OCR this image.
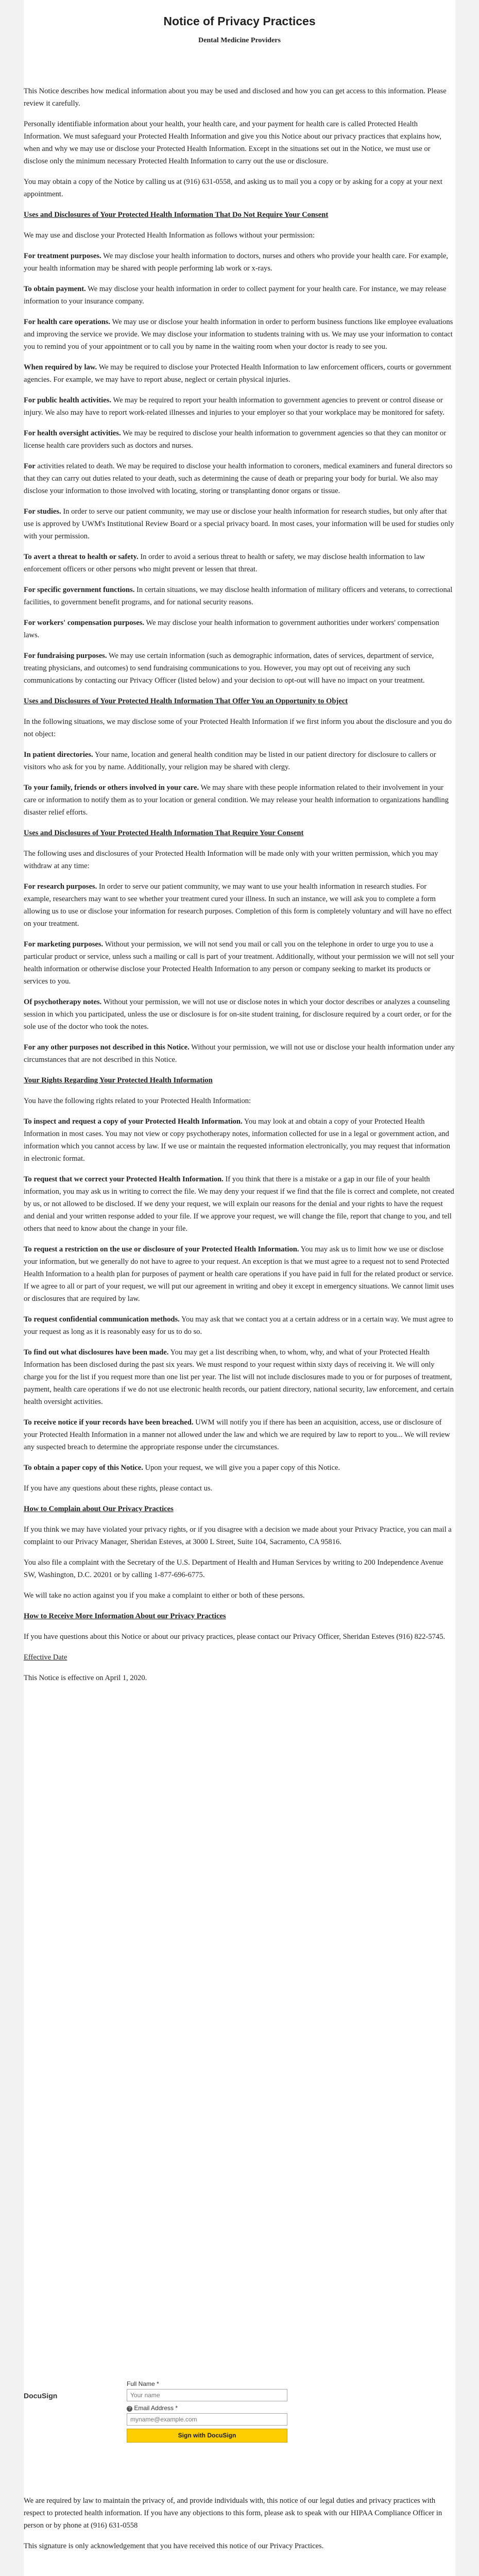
Notice of Privacy Practices
Dental Medicine Providers

This Notice describes how medical information about you may be used and disclosed and how you can get access to this information. Please review it carefully.

Personally identifiable information about your health, your health care, and your payment for health care is called Protected Health Information. We must safeguard your Protected Health Information and give you this Notice about our privacy practices that explains how, when and why we may use or disclose your Protected Health Information. Except in the situations set out in the Notice, we must use or disclose only the minimum necessary Protected Health Information to carry out the use or disclosure.

You may obtain a copy of the Notice by calling us at (916) 631-0558, and asking us to mail you a copy or by asking for a copy at your next appointment.

Uses and Disclosures of Your Protected Health Information That Do Not Require Your Consent

We may use and disclose your Protected Health Information as follows without your permission:

For treatment purposes. We may disclose your health information to doctors, nurses and others who provide your health care. For example, your health information may be shared with people performing lab work or x-rays.

To obtain payment. We may disclose your health information in order to collect payment for your health care. For instance, we may release information to your insurance company.

For health care operations. We may use or disclose your health information in order to perform business functions like employee evaluations and improving the service we provide. We may disclose your information to students training with us. We may use your information to contact you to remind you of your appointment or to call you by name in the waiting room when your doctor is ready to see you.

When required by law. We may be required to disclose your Protected Health Information to law enforcement officers, courts or government agencies. For example, we may have to report abuse, neglect or certain physical injuries.

For public health activities. We may be required to report your health information to government agencies to prevent or control disease or injury. We also may have to report work-related illnesses and injuries to your employer so that your workplace may be monitored for safety.

For health oversight activities. We may be required to disclose your health information to government agencies so that they can monitor or license health care providers such as doctors and nurses.

For activities related to death. We may be required to disclose your health information to coroners, medical examiners and funeral directors so that they can carry out duties related to your death, such as determining the cause of death or preparing your body for burial. We also may disclose your information to those involved with locating, storing or transplanting donor organs or tissue.

For studies. In order to serve our patient community, we may use or disclose your health information for research studies, but only after that use is approved by UWM's Institutional Review Board or a special privacy board. In most cases, your information will be used for studies only with your permission.

To avert a threat to health or safety. In order to avoid a serious threat to health or safety, we may disclose health information to law enforcement officers or other persons who might prevent or lessen that threat.

For specific government functions. In certain situations, we may disclose health information of military officers and veterans, to correctional facilities, to government benefit programs, and for national security reasons.

For workers' compensation purposes. We may disclose your health information to government authorities under workers' compensation laws.

For fundraising purposes. We may use certain information (such as demographic information, dates of services, department of service, treating physicians, and outcomes) to send fundraising communications to you. However, you may opt out of receiving any such communications by contacting our Privacy Officer (listed below) and your decision to opt-out will have no impact on your treatment.

Uses and Disclosures of Your Protected Health Information That Offer You an Opportunity to Object

In the following situations, we may disclose some of your Protected Health Information if we first inform you about the disclosure and you do not object:

In patient directories. Your name, location and general health condition may be listed in our patient directory for disclosure to callers or visitors who ask for you by name. Additionally, your religion may be shared with clergy.

To your family, friends or others involved in your care. We may share with these people information related to their involvement in your care or information to notify them as to your location or general condition. We may release your health information to organizations handling disaster relief efforts.

Uses and Disclosures of Your Protected Health Information That Require Your Consent

The following uses and disclosures of your Protected Health Information will be made only with your written permission, which you may withdraw at any time:

For research purposes. In order to serve our patient community, we may want to use your health information in research studies. For example, researchers may want to see whether your treatment cured your illness. In such an instance, we will ask you to complete a form allowing us to use or disclose your information for research purposes. Completion of this form is completely voluntary and will have no effect on your treatment.

For marketing purposes. Without your permission, we will not send you mail or call you on the telephone in order to urge you to use a particular product or service, unless such a mailing or call is part of your treatment. Additionally, without your permission we will not sell your health information or otherwise disclose your Protected Health Information to any person or company seeking to market its products or services to you.

Of psychotherapy notes. Without your permission, we will not use or disclose notes in which your doctor describes or analyzes a counseling session in which you participated, unless the use or disclosure is for on-site student training, for disclosure required by a court order, or for the sole use of the doctor who took the notes.

For any other purposes not described in this Notice. Without your permission, we will not use or disclose your health information under any circumstances that are not described in this Notice.

Your Rights Regarding Your Protected Health Information

You have the following rights related to your Protected Health Information:

To inspect and request a copy of your Protected Health Information. You may look at and obtain a copy of your Protected Health Information in most cases. You may not view or copy psychotherapy notes, information collected for use in a legal or government action, and information which you cannot access by law. If we use or maintain the requested information electronically, you may request that information in electronic format.

To request that we correct your Protected Health Information. If you think that there is a mistake or a gap in our file of your health information, you may ask us in writing to correct the file. We may deny your request if we find that the file is correct and complete, not created by us, or not allowed to be disclosed. If we deny your request, we will explain our reasons for the denial and your rights to have the request and denial and your written response added to your file. If we approve your request, we will change the file, report that change to you, and tell others that need to know about the change in your file.

To request a restriction on the use or disclosure of your Protected Health Information. You may ask us to limit how we use or disclose your information, but we generally do not have to agree to your request. An exception is that we must agree to a request not to send Protected Health Information to a health plan for purposes of payment or health care operations if you have paid in full for the related product or service. If we agree to all or part of your request, we will put our agreement in writing and obey it except in emergency situations. We cannot limit uses or disclosures that are required by law.

To request confidential communication methods. You may ask that we contact you at a certain address or in a certain way. We must agree to your request as long as it is reasonably easy for us to do so.

To find out what disclosures have been made. You may get a list describing when, to whom, why, and what of your Protected Health Information has been disclosed during the past six years. We must respond to your request within sixty days of receiving it. We will only charge you for the list if you request more than one list per year. The list will not include disclosures made to you or for purposes of treatment, payment, health care operations if we do not use electronic health records, our patient directory, national security, law enforcement, and certain health oversight activities.

To receive notice if your records have been breached. UWM will notify you if there has been an acquisition, access, use or disclosure of your Protected Health Information in a manner not allowed under the law and which we are required by law to report to you... We will review any suspected breach to determine the appropriate response under the circumstances.

To obtain a paper copy of this Notice. Upon your request, we will give you a paper copy of this Notice.

If you have any questions about these rights, please contact us.

How to Complain about Our Privacy Practices

If you think we may have violated your privacy rights, or if you disagree with a decision we made about your Privacy Practice, you can mail a complaint to our Privacy Manager, Sheridan Esteves, at 3000 L Street, Suite 104, Sacramento, CA 95816.

You also file a complaint with the Secretary of the U.S. Department of Health and Human Services by writing to 200 Independence Avenue SW, Washington, D.C. 20201 or by calling 1-877-696-6775.

We will take no action against you if you make a complaint to either or both of these persons.

How to Receive More Information About our Privacy Practices

If you have questions about this Notice or about our privacy practices, please contact our Privacy Officer, Sheridan Esteves (916) 822-5745.

Effective Date

This Notice is effective on April 1, 2020.

DocuSign
Full Name *
Your name
? Email Address *
myname@example.com
Sign with DocuSign

We are required by law to maintain the privacy of, and provide individuals with, this notice of our legal duties and privacy practices with respect to protected health information. If you have any objections to this form, please ask to speak with our HIPAA Compliance Officer in person or by phone at (916) 631-0558

This signature is only acknowledgement that you have received this notice of our Privacy Practices.
